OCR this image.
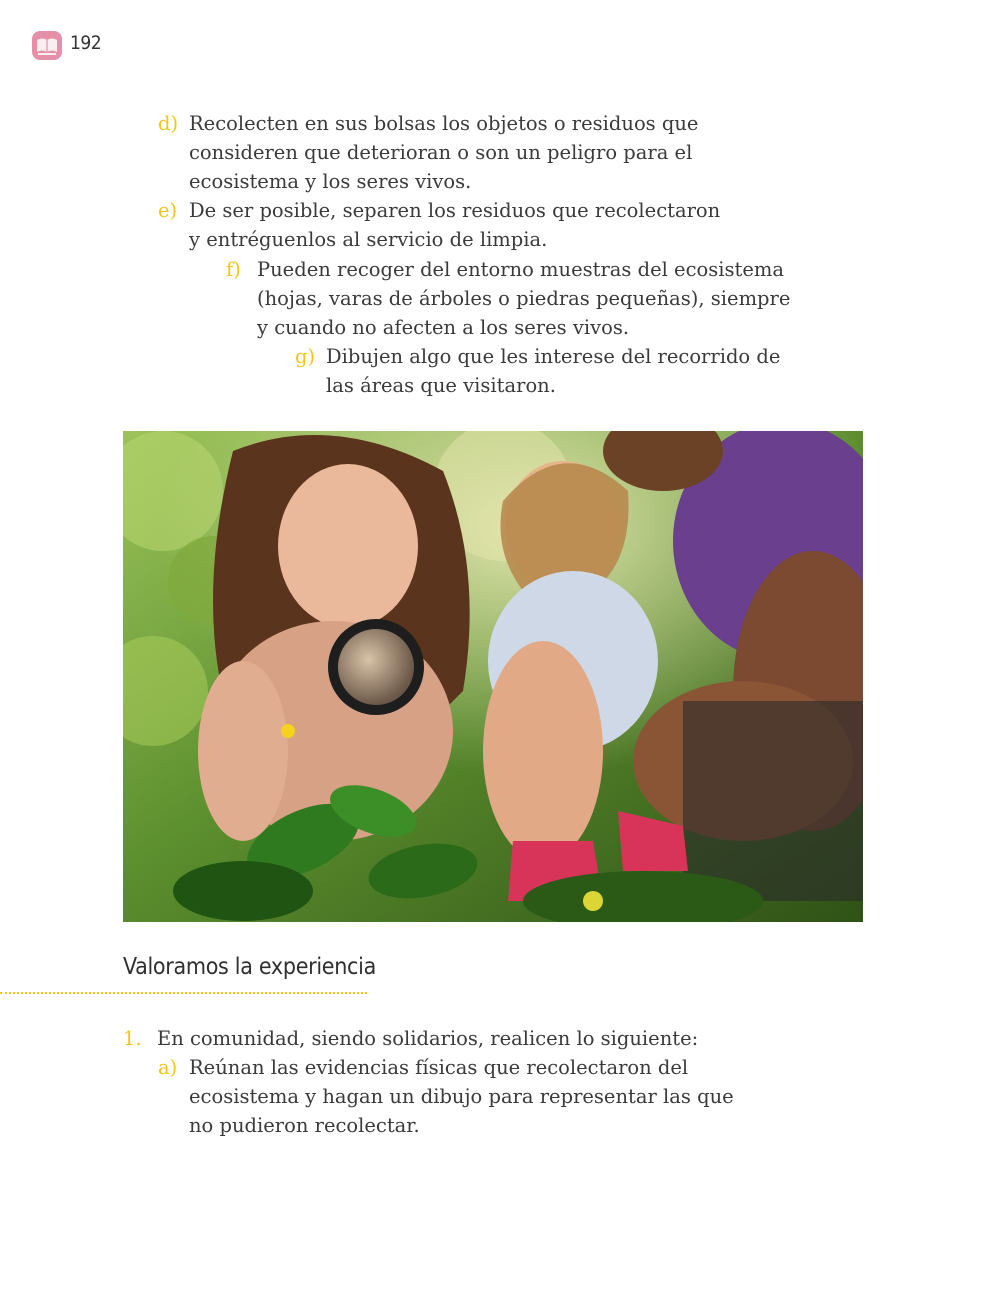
192
d) Recolecten en sus bolsas los objetos o residuos que
consideren que deterioran o son un peligro para el
ecosistema y los seres vivos.
e) De ser posible, separen los residuos que recolectaron
y entréguenlos al servicio de limpia.
f) Pueden recoger del entorno muestras del ecosistema
(hojas, varas de árboles o piedras pequeñas), siempre
y cuando no afecten a los seres vivos.
g) Dibujen algo que les interese del recorrido de
las áreas que visitaron.
Valoramos la experiencia
1. En comunidad, siendo solidarios, realicen lo siguiente:
a) Reúnan las evidencias físicas que recolectaron del
ecosistema y hagan un dibujo para representar las que
no pudieron recolectar.
